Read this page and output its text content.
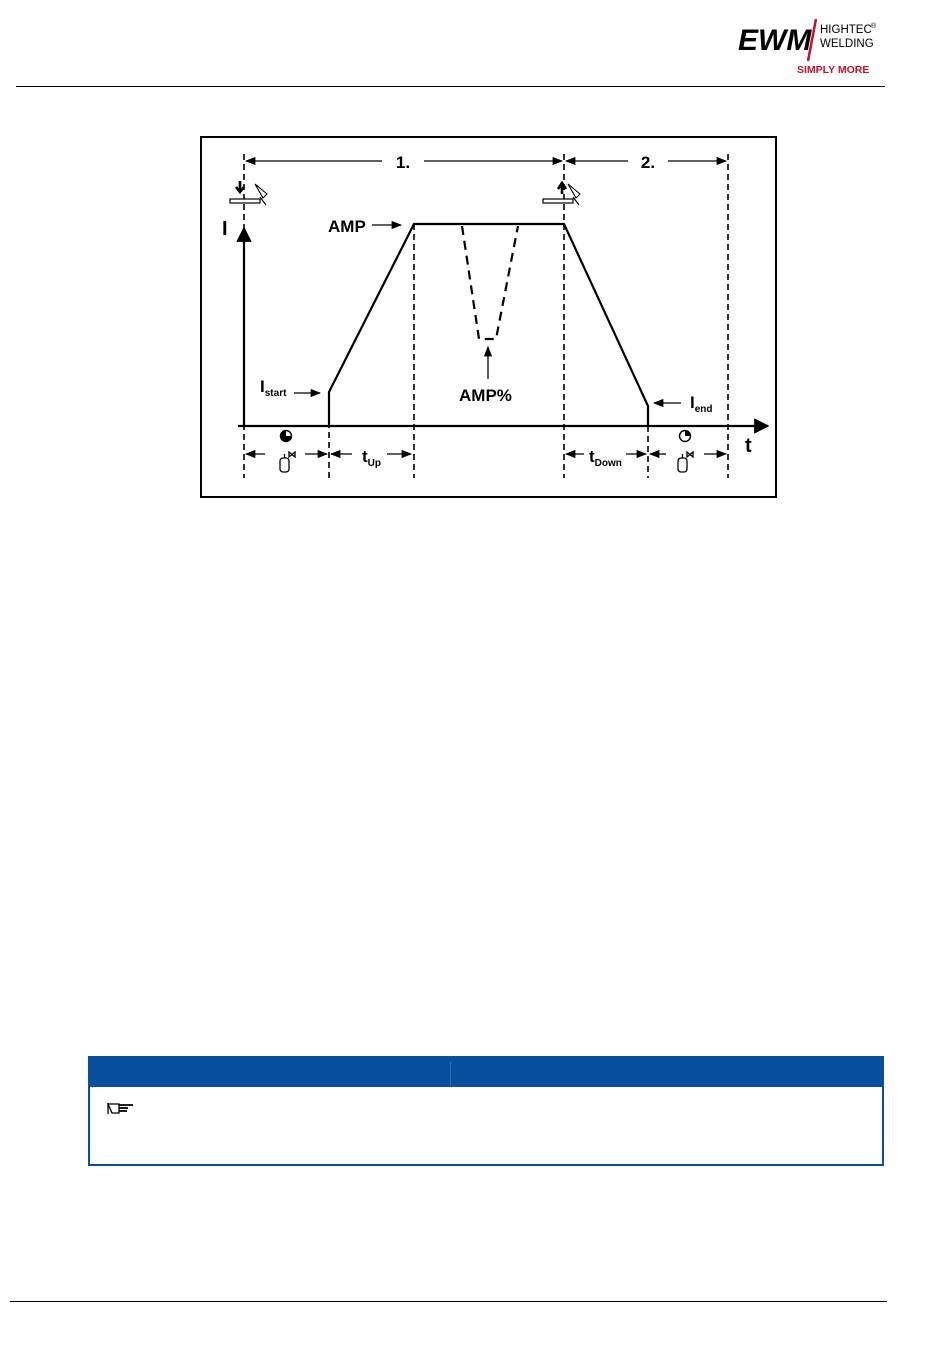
EWM HIGHTEC ®
WELDING
SIMPLY MORE
1.	2.
I
t
AMP
AMP%
$I_{start}$	$I_{end}$
$t_{Up}$	$t_{Down}$
